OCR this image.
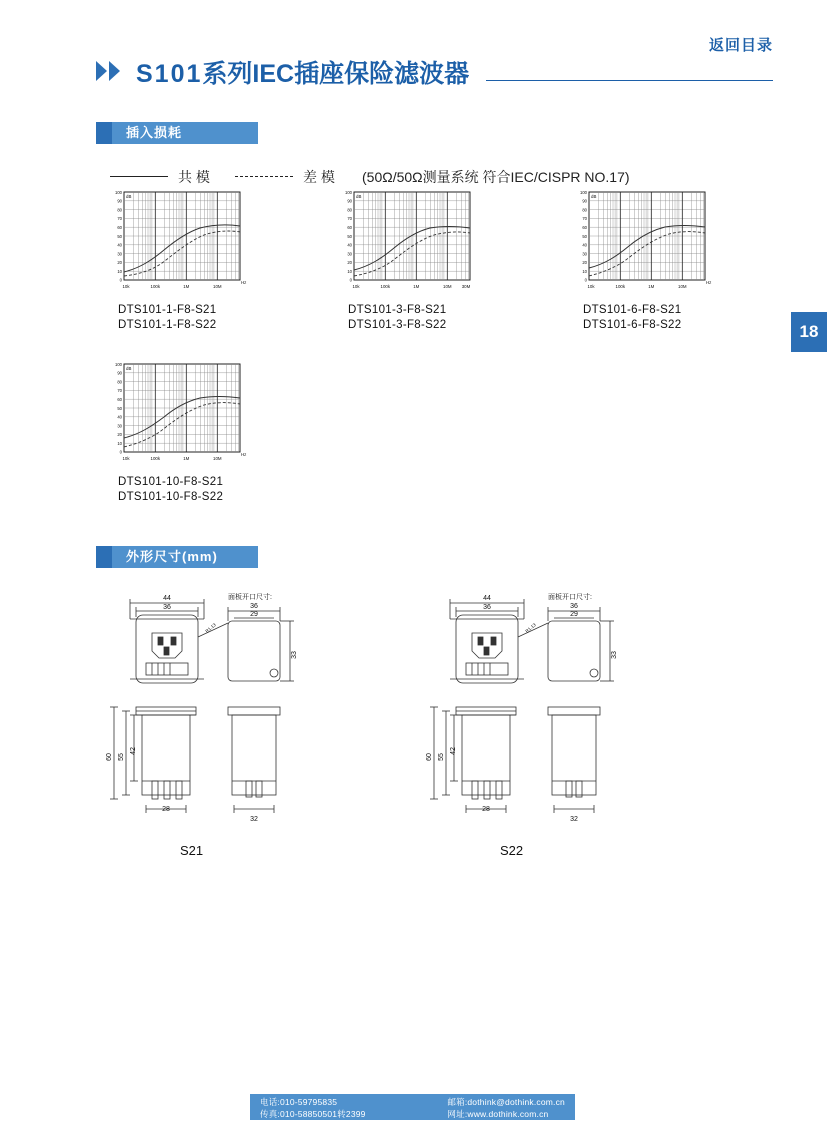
返回目录
S101系列IEC插座保险滤波器
插入损耗
共 模	差 模 (50Ω/50Ω测量系统 符合IEC/CISPR NO.17)
18
100
90
80
70
60
50
40
30
20
10
0
dB
10k	100k	1M	10M
Hz
DTS101-1-F8-S21
DTS101-1-F8-S22
100
90
80
70
60
50
40
30
20
10
0
dB
10k	100k	1M	10M 30M
DTS101-3-F8-S21
DTS101-3-F8-S22
100
90
80
70
60
50
40
30
20
10
0
dB
10k	100k	1M	10M
Hz
DTS101-6-F8-S21
DTS101-6-F8-S22
100
90
80
70
60
50
40
30
20
10
0
dB
10k	100k	1M	10M
Hz
DTS101-10-F8-S21
DTS101-10-F8-S22
外形尺寸(mm)
44
36	36
29
28
32
33
60 55
42
R1.13
面板开口尺寸:
S21
44
36	36
29
28
32
33
60 55
42
R1.13
面板开口尺寸:
S22
电话:010-59795835
传真:010-58850501转2399
邮箱:dothink@dothink.com.cn
网址:www.dothink.com.cn
